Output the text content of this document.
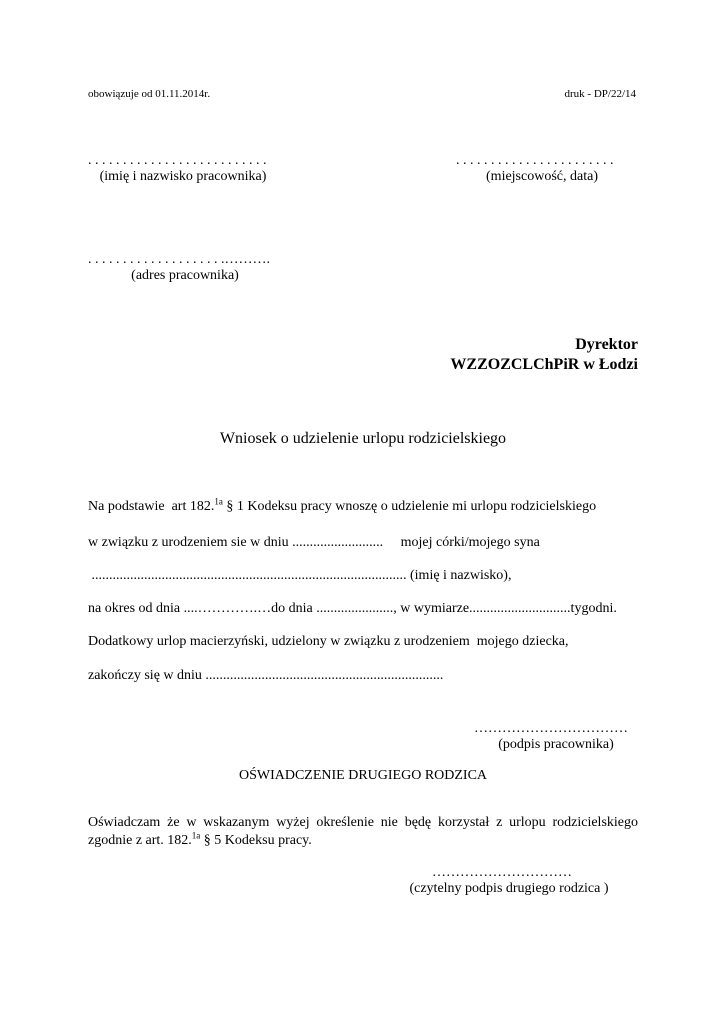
obowiązuje od 01.11.2014r.	druk - DP/22/14
. . . . . . . . . . . . . . . . . . . . . . . . . .
(imię i nazwisko pracownika)
. . . . . . . . . . . . . . . . . . . . . . .
(miejscowość, data)
. . . . . . . . . . . . . . . . . . . .……….
(adres pracownika)
Dyrektor
WZZOZCLChPiR w Łodzi
Wniosek o udzielenie urlopu rodzicielskiego
Na podstawie  art 182.$^{1a}$ § 1 Kodeksu pracy wnoszę o udzielenie mi urlopu rodzicielskiego
w związku z urodzeniem sie w dniu ..........................     mojej córki/mojego syna
.......................................................................................... (imię i nazwisko),
na okres od dnia ....………….…do dnia ......................, w wymiarze.............................tygodni.
Dodatkowy urlop macierzyński, udzielony w związku z urodzeniem  mojego dziecka,
zakończy się w dniu ....................................................................
……………………………
(podpis pracownika)
OŚWIADCZENIE DRUGIEGO RODZICA
Oświadczam że w wskazanym wyżej określenie nie będę korzystał z urlopu rodzicielskiego zgodnie z art. 182.$^{1a}$ § 5 Kodeksu pracy.
…………………………
(czytelny podpis drugiego rodzica )
